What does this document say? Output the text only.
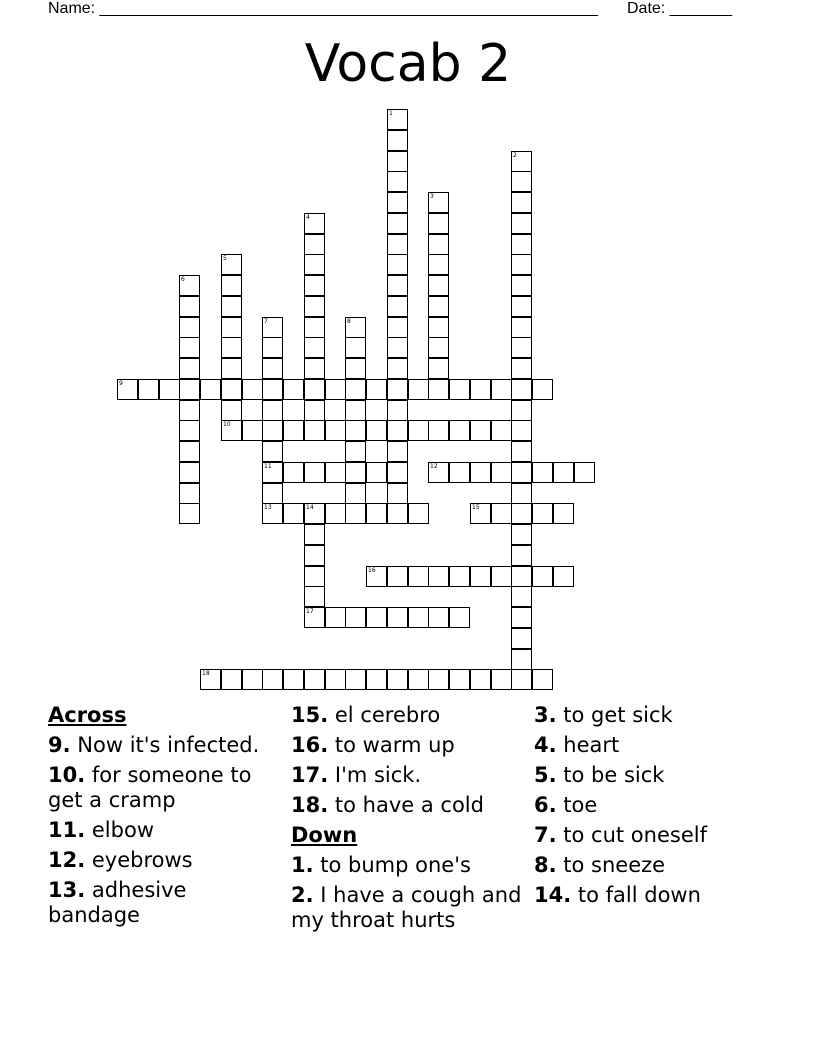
Name: ________________________________________________________ Date: _______
Vocab 2
1
2
3
4
5
6
7
11
13
8
9
10
12
14
17
15
16
18
Across
9. Now it's infected.
10. for someone to get a cramp
11. elbow
12. eyebrows
13. adhesive bandage
15. el cerebro
16. to warm up
17. I'm sick.
18. to have a cold
Down
1. to bump one's
2. I have a cough and my throat hurts
3. to get sick
4. heart
5. to be sick
6. toe
7. to cut oneself
8. to sneeze
14. to fall down
